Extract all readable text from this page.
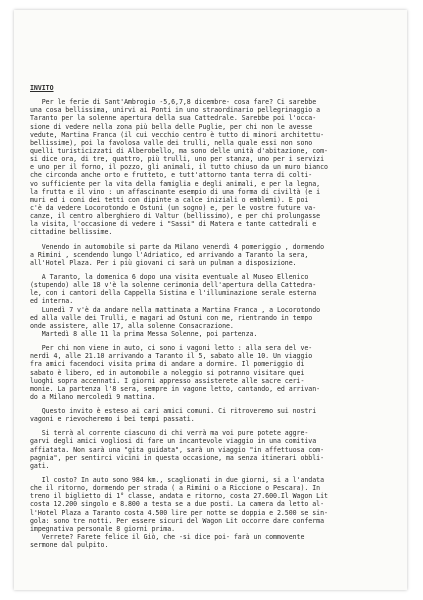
INVITO
Per le ferie di Sant'Ambrogio -5,6,7,8 dicembre- cosa fare? Ci sarebbe
una cosa bellissima, unirvi ai Ponti in uno straordinario pellegrinaggio a
Taranto per la solenne apertura della sua Cattedrale. Sarebbe poi l'occa-
sione di vedere nella zona più bella delle Puglie, per chi non le avesse
vedute, Martina Franca (il cui vecchio centro è tutto di minori architettu-
bellissime), poi la favolosa valle dei trulli, nella quale essi non sono
quelli turisticizzati di Alberobello, ma sono delle unità d'abitazione, com-
si dice ora, di tre, quattro, più trulli, uno per stanza, uno per i servizi
e uno per il forno, il pozzo, gli animali, il tutto chiuso da un muro bianco
che circonda anche orto e frutteto, e tutt'attorno tanta terra di colti-
vo sufficiente per la vita della famiglia e degli animali, e per la legna,
la frutta e il vino : un affascinante esempio di una forma di civiltà (e i
muri ed i coni dei tetti con dipinte a calce iniziali o emblemi). E poi
c'è da vedere Locorotondo e Ostuni (un sogno) e, per le vostre future va-
canze, il centro alberghiero di Valtur (bellissimo), e per chi prolungasse
la visita, l'occasione di vedere i "Sassi" di Matera e tante cattedrali e
cittadine bellissime.
Venendo in automobile si parte da Milano venerdì 4 pomeriggio , dormendo
a Rimini , scendendo lungo l'Adriatico, ed arrivando a Taranto la sera,
all'Hotel Plaza. Per i più giovani ci sarà un pulman a disposizione.
A Taranto, la domenica 6 dopo una visita eventuale al Museo Ellenico
(stupendo) alle 18 v'è la solenne cerimonia dell'apertura della Cattedra-
le, con i cantori della Cappella Sistina e l'illuminazione serale esterna
ed interna.
Lunedì 7 v'è da andare nella mattinata a Martina Franca , a Locorotondo
ed alla valle dei Trulli, e magari ad Ostuni con me, rientrando in tempo
onde assistere, alle 17, alla solenne Consacrazione.
Martedì 8 alle 11 la prima Messa Solenne, poi partenza.
Per chi non viene in auto, ci sono i vagoni letto : alla sera del ve-
nerdì 4, alle 21.10 arrivando a Taranto il 5, sabato alle 10. Un viaggio
fra amici facendoci visita prima di andare a dormire. Il pomeriggio di
sabato è libero, ed in automobile a noleggio si potranno visitare quei
luoghi sopra accennati. I giorni appresso assisterete alle sacre ceri-
monie. La partenza l'8 sera, sempre in vagone letto, cantando, ed arrivan-
do a Milano mercoledì 9 mattina.
Questo invito è esteso ai cari amici comuni. Ci ritroveremo sui nostri
vagoni e rievocheremo i bei tempi passati.
Si terrà al corrente ciascuno di chi verrà ma voi pure potete aggre-
garvi degli amici vogliosi di fare un incantevole viaggio in una comitiva
affiatata. Non sarà una "gita guidata", sarà un viaggio "in affettuosa com-
pagnia", per sentirci vicini in questa occasione, ma senza itinerari obbli-
gati.
Il costo? In auto sono 984 km., scaglionati in due giorni, si a l'andata
che il ritorno, dormendo per strada ( a Rimini o a Riccione o Pescara). In
treno il biglietto di 1° classe, andata e ritorno, costa 27.600.Il Wagon Lit
costa 12.200 singolo e 8.800 a testa se a due posti. La camera da letto al-
l'Hotel Plaza a Taranto costa 4.500 lire per notte se doppia e 2.500 se sin-
gola: sono tre notti. Per essere sicuri del Wagon Lit occorre dare conferma
impegnativa personale 8 giorni prima.
Verrete? Farete felice il Giò, che -si dice poi- farà un commovente
sermone dal pulpito.
